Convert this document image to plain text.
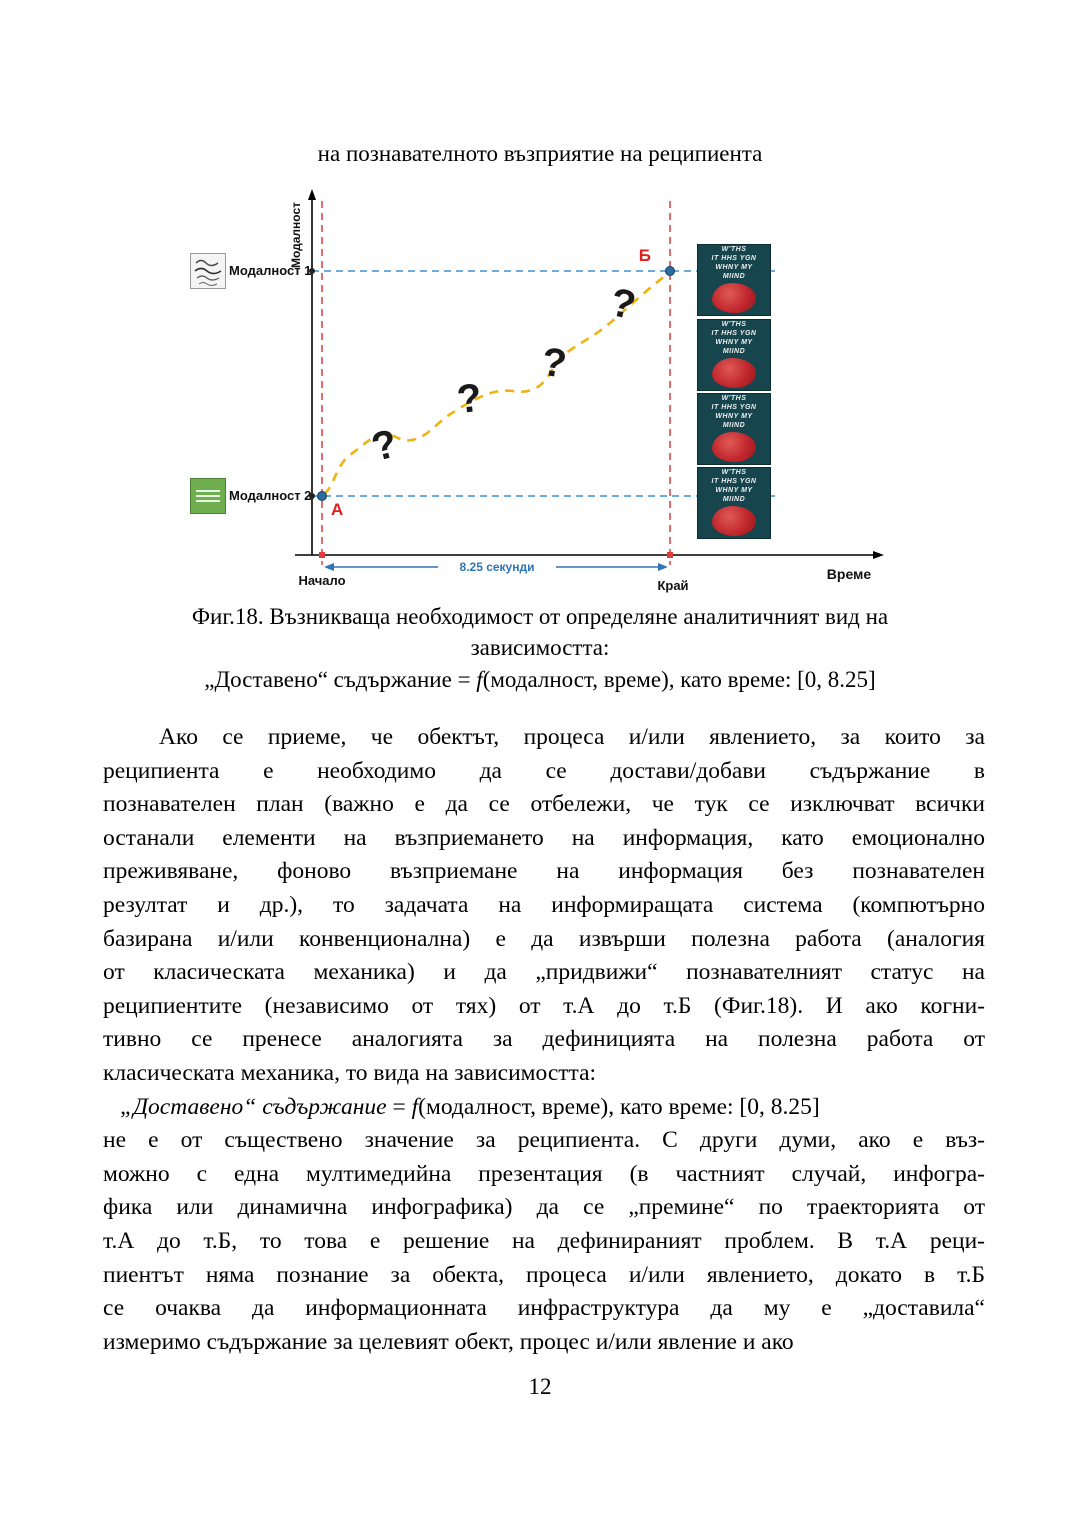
на познавателното възприятие на реципиента
А
Б
Модалност
?
?
?
?
8.25 секунди
Начало	Край
Време
Модалност 1
Модалност 2
W'THS
IT HHS YGN
WHNY MY
MIIND
W'THS
IT HHS YGN
WHNY MY
MIIND
W'THS
IT HHS YGN
WHNY MY
MIIND
W'THS
IT HHS YGN
WHNY MY
MIIND
Фиг.18. Възникваща необходимост от определяне аналитичният вид на
зависимостта:
„Доставено“ съдържание = f(модалност, време), като време: [0, 8.25]
Ако се приеме, че обектът, процеса и/или явлението, за които за
реципиента е необходимо да се достави/добави съдържание в
познавателен план (важно е да се отбележи, че тук се изключват всички
останали елементи на възприемането на информация, като емоционално
преживяване, фоново възприемане на информация без познавателен
резултат и др.), то задачата на информиращата система (компютърно
базирана и/или конвенционална) е да извърши полезна работа (аналогия
от класическата механика) и да „придвижи“ познавателният статус на
реципиентите (независимо от тях) от т.А до т.Б (Фиг.18). И ако когни-
тивно се пренесе аналогията за дефиницията на полезна работа от
класическата механика, то вида на зависимостта:
„Доставено“ съдържание = f(модалност, време), като време: [0, 8.25]
не е от съществено значение за реципиента. С други думи, ако е въз-
можно с една мултимедийна презентация (в частният случай, инфогра-
фика или динамична инфографика) да се „премине“ по траекторията от
т.А до т.Б, то това е решение на дефинираният проблем. В т.А реци-
пиентът няма познание за обекта, процеса и/или явлението, докато в т.Б
се очаква да информационната инфраструктура да му е „доставила“
измеримо съдържание за целевият обект, процес и/или явление и ако
12
